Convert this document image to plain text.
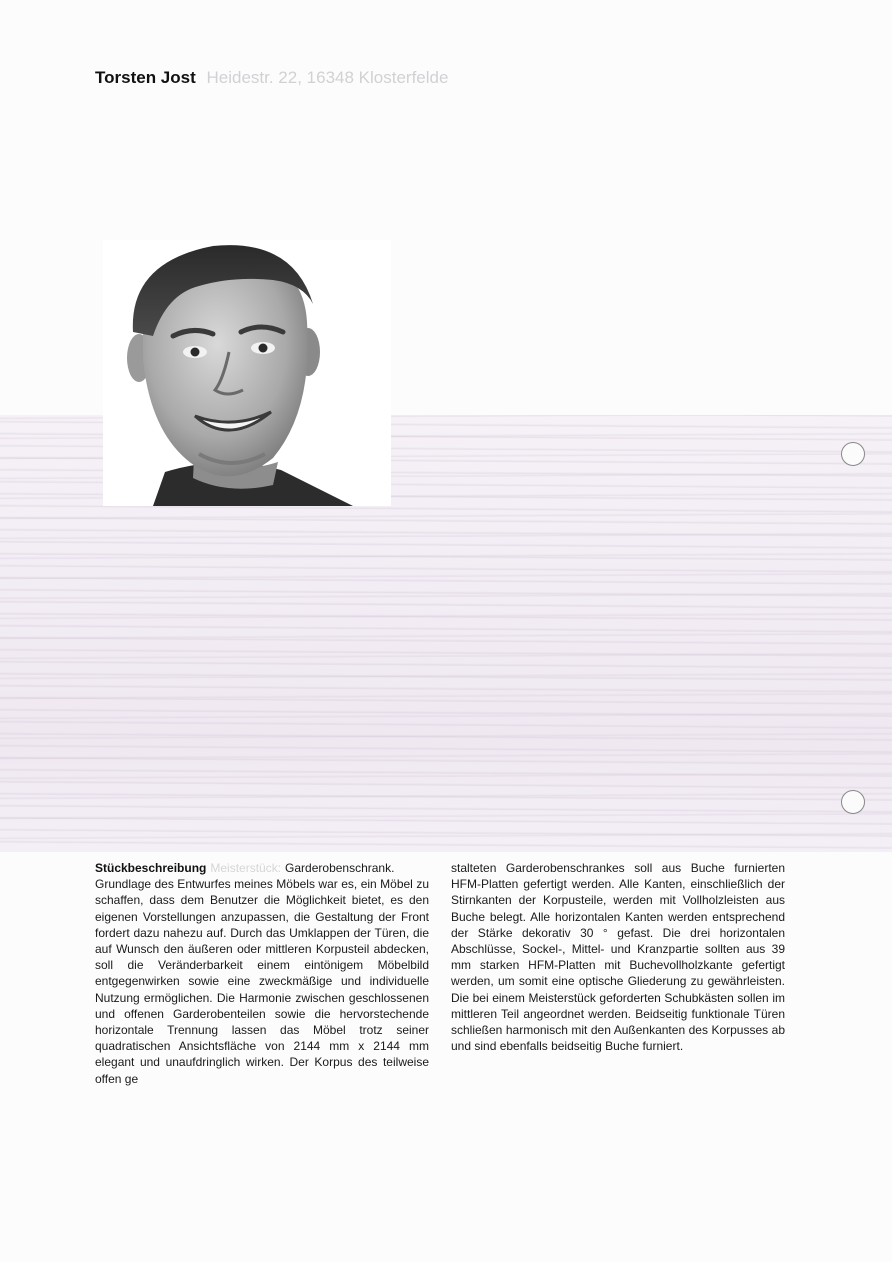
Torsten Jost Heidestr. 22, 16348 Klosterfelde
Stückbeschreibung Meisterstück: Garderobenschrank. Grundlage des Entwurfes meines Möbels war es, ein Möbel zu schaffen, dass dem Benutzer die Möglichkeit bietet, es den eigenen Vorstellungen anzupassen, die Gestaltung der Front fordert dazu nahezu auf. Durch das Umklappen der Türen, die auf Wunsch den äußeren oder mittleren Korpusteil abdecken, soll die Veränderbarkeit einem eintönigem Möbelbild entgegenwirken sowie eine zweckmäßige und individuelle Nutzung ermöglichen. Die Harmonie zwischen geschlossenen und offenen Garderobenteilen sowie die hervorstechende horizontale Trennung lassen das Möbel trotz seiner quadratischen Ansichtsfläche von 2144 mm x 2144 mm elegant und unaufdringlich wirken. Der Korpus des teilweise offen ge
stalteten Garderobenschrankes soll aus Buche furnierten HFM-Platten gefertigt werden. Alle Kanten, einschließlich der Stirnkanten der Korpusteile, werden mit Vollholzleisten aus Buche belegt. Alle horizontalen Kanten werden entsprechend der Stärke dekorativ 30 ° gefast. Die drei horizontalen Abschlüsse, Sockel-, Mittel- und Kranzpartie sollten aus 39 mm starken HFM-Platten mit Buchevollholzkante gefertigt werden, um somit eine optische Gliederung zu gewährleisten. Die bei einem Meisterstück geforderten Schubkästen sollen im mittleren Teil angeordnet werden. Beidseitig funktionale Türen schließen harmonisch mit den Außenkanten des Korpusses ab und sind ebenfalls beidseitig Buche furniert.
